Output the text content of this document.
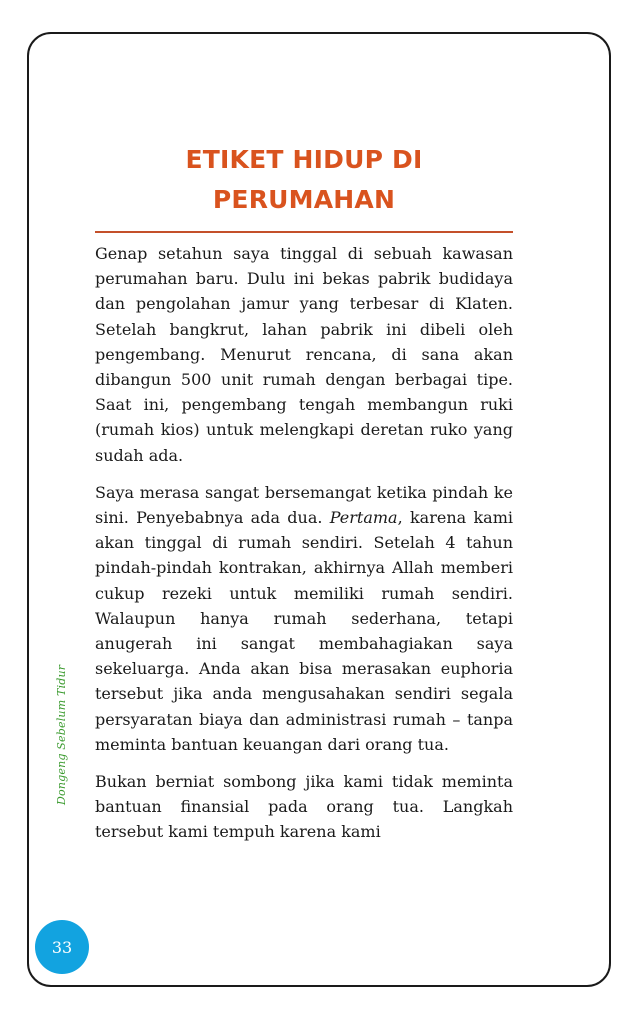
ETIKET HIDUP DI
PERUMAHAN

Genap setahun saya tinggal di sebuah kawasan perumahan baru. Dulu ini bekas pabrik budidaya dan pengolahan jamur yang terbesar di Klaten. Setelah bangkrut, lahan pabrik ini dibeli oleh pengembang. Menurut rencana, di sana akan dibangun 500 unit rumah dengan berbagai tipe. Saat ini, pengembang tengah membangun ruki (rumah kios) untuk melengkapi deretan ruko yang sudah ada.

Saya merasa sangat bersemangat ketika pindah ke sini. Penyebabnya ada dua. Pertama, karena kami akan tinggal di rumah sendiri. Setelah 4 tahun pindah-pindah kontrakan, akhirnya Allah memberi cukup rezeki untuk memiliki rumah sendiri. Walaupun hanya rumah sederhana, tetapi anugerah ini sangat membahagiakan saya sekeluarga. Anda akan bisa merasakan euphoria tersebut jika anda mengusahakan sendiri segala persyaratan biaya dan administrasi rumah – tanpa meminta bantuan keuangan dari orang tua.

Bukan berniat sombong jika kami tidak meminta bantuan finansial pada orang tua. Langkah tersebut kami tempuh karena kami

Dongeng Sebelum Tidur
33
